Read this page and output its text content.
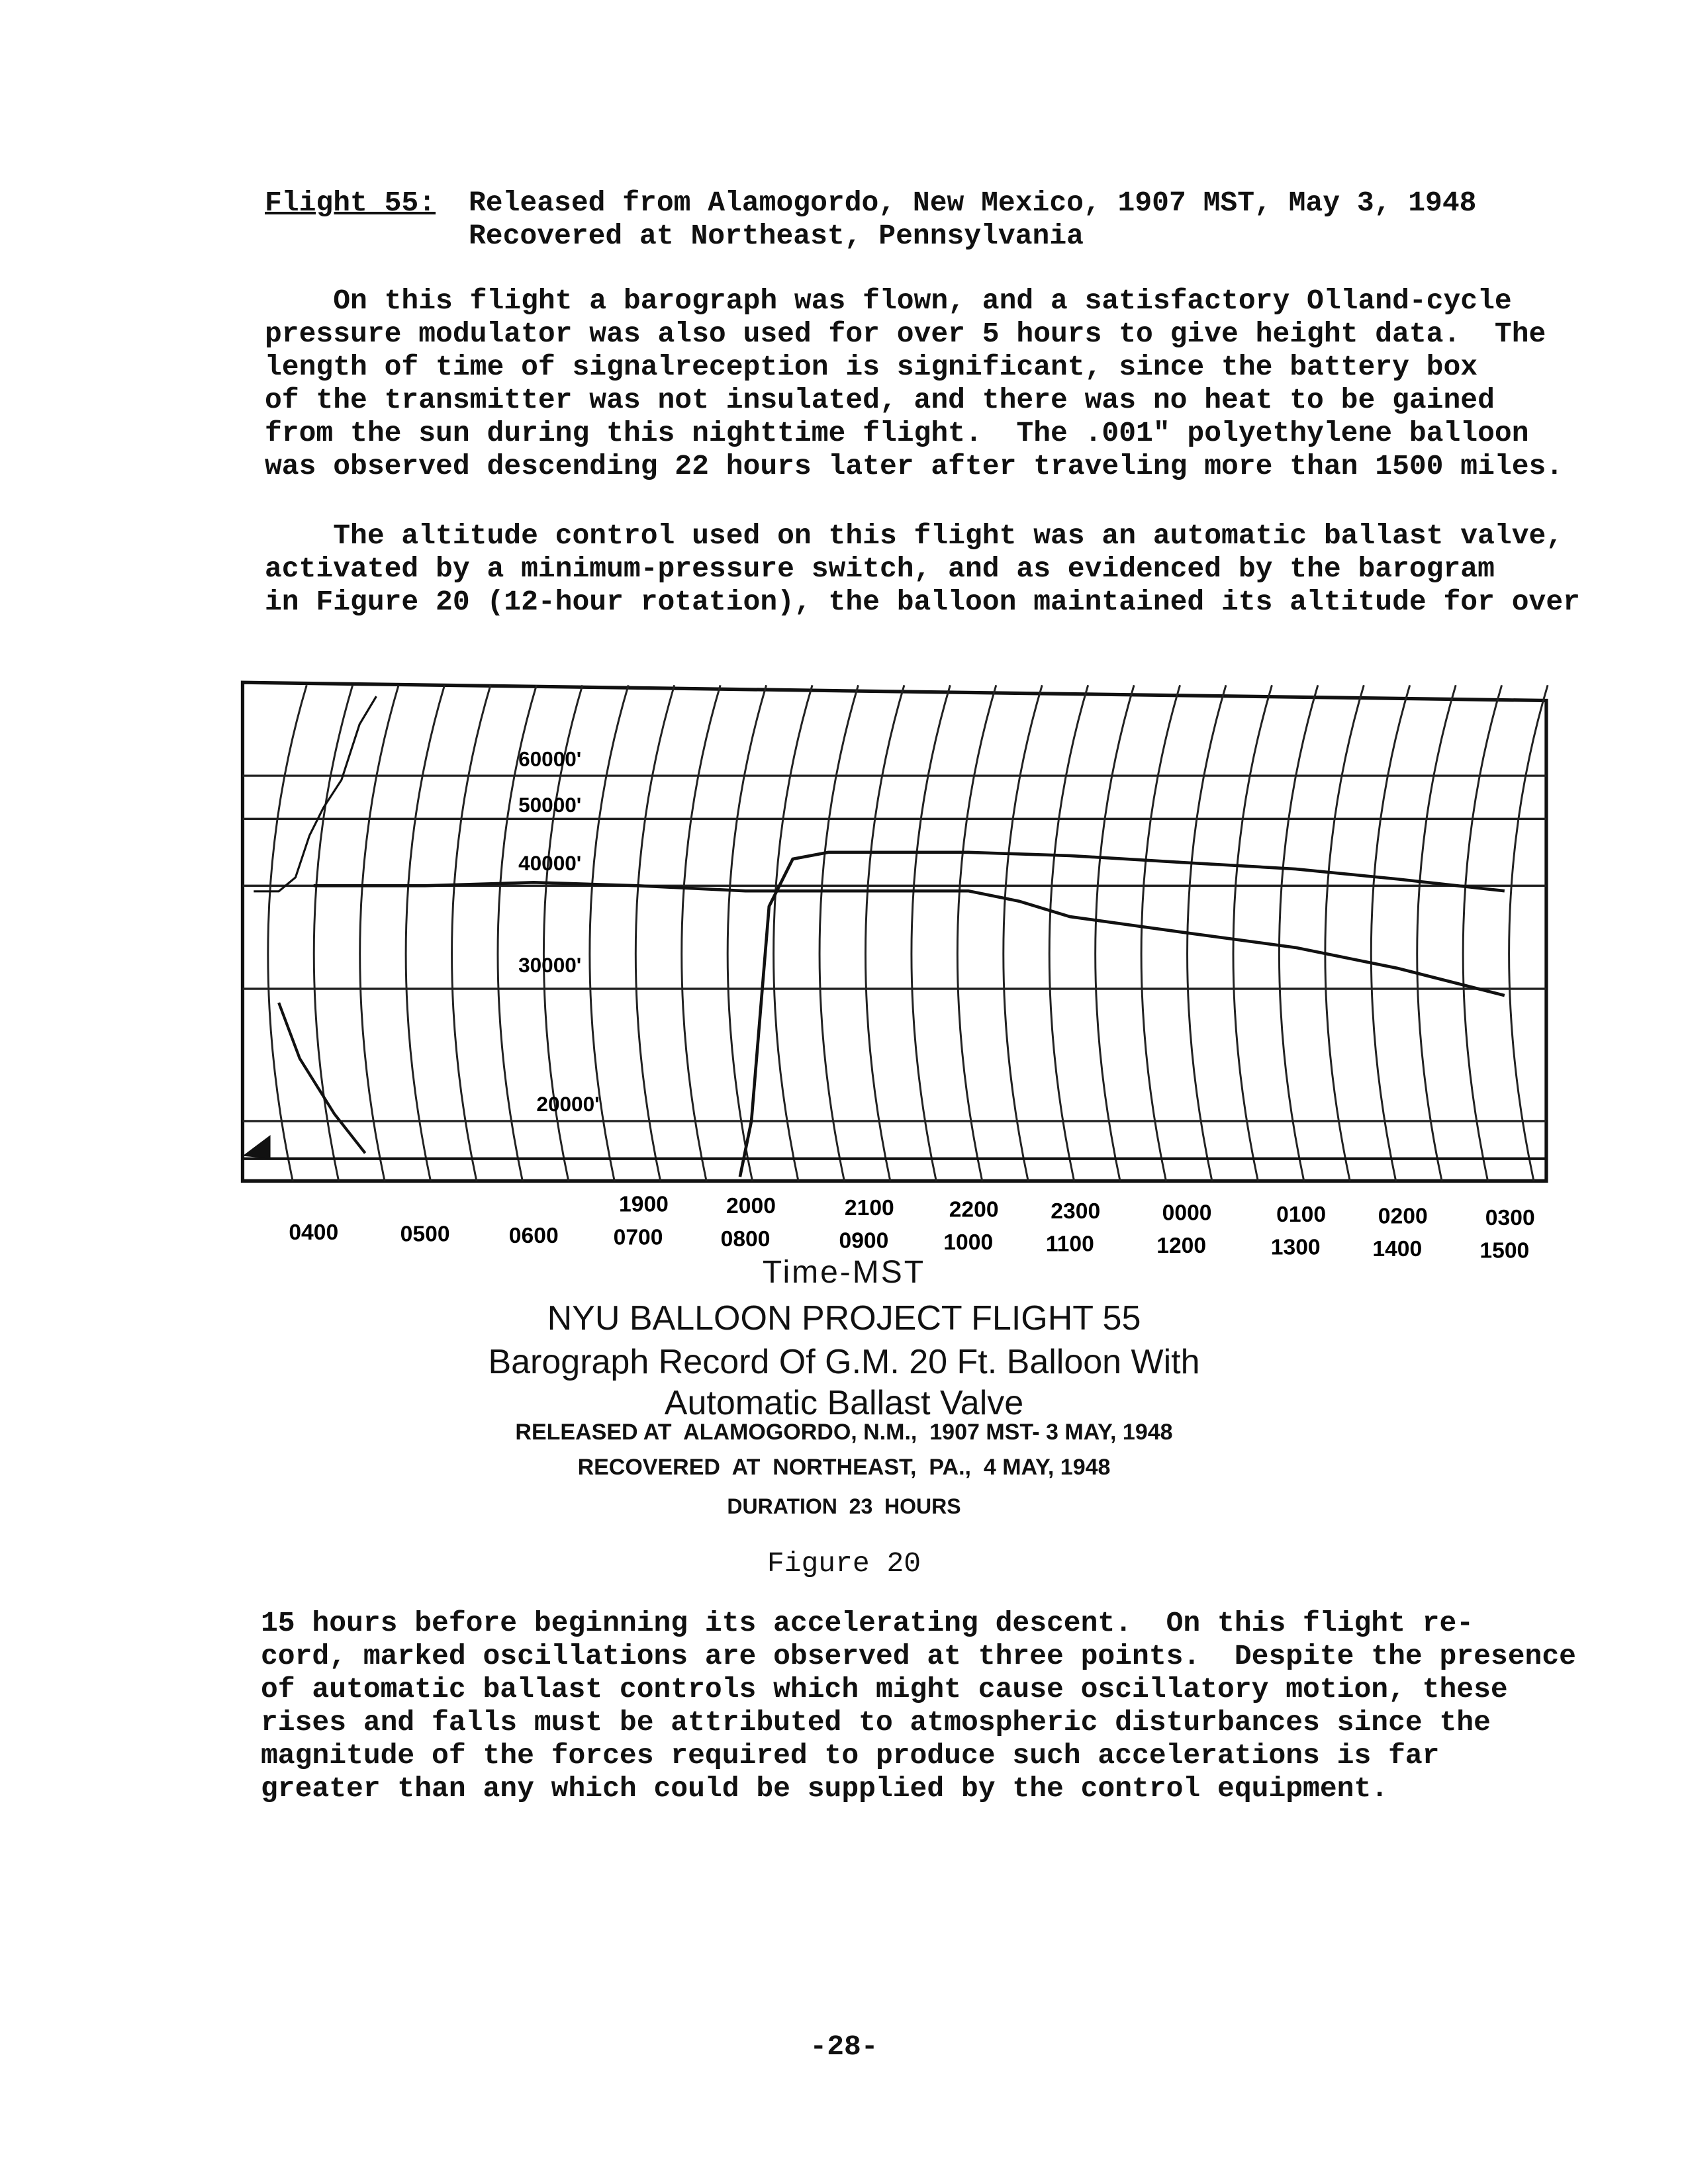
Flight 55: Released from Alamogordo, New Mexico, 1907 MST, May 3, 1948
Recovered at Northeast, Pennsylvania
On this flight a barograph was flown, and a satisfactory Olland-cycle
pressure modulator was also used for over 5 hours to give height data.  The
length of time of signalreception is significant, since the battery box
of the transmitter was not insulated, and there was no heat to be gained
from the sun during this nighttime flight.  The .001" polyethylene balloon
was observed descending 22 hours later after traveling more than 1500 miles.
The altitude control used on this flight was an automatic ballast valve,
activated by a minimum-pressure switch, and as evidenced by the barogram
in Figure 20 (12-hour rotation), the balloon maintained its altitude for over
60000'
50000'
40000'
30000'
20000'
0400	0500	0600	0700	0800	0900	1000	1100	1200	1300	1400	1500
1900	2000	2100	2200	2300	0000	0100	0200	0300
Time-MST
NYU BALLOON PROJECT FLIGHT 55
Barograph Record Of G.M. 20 Ft. Balloon With
Automatic Ballast Valve
RELEASED AT  ALAMOGORDO, N.M.,  1907 MST- 3 MAY, 1948
RECOVERED  AT  NORTHEAST,  PA.,  4 MAY, 1948
DURATION  23  HOURS
Figure 20
15 hours before beginning its accelerating descent.  On this flight re-
cord, marked oscillations are observed at three points.  Despite the presence
of automatic ballast controls which might cause oscillatory motion, these
rises and falls must be attributed to atmospheric disturbances since the
magnitude of the forces required to produce such accelerations is far
greater than any which could be supplied by the control equipment.
-28-
